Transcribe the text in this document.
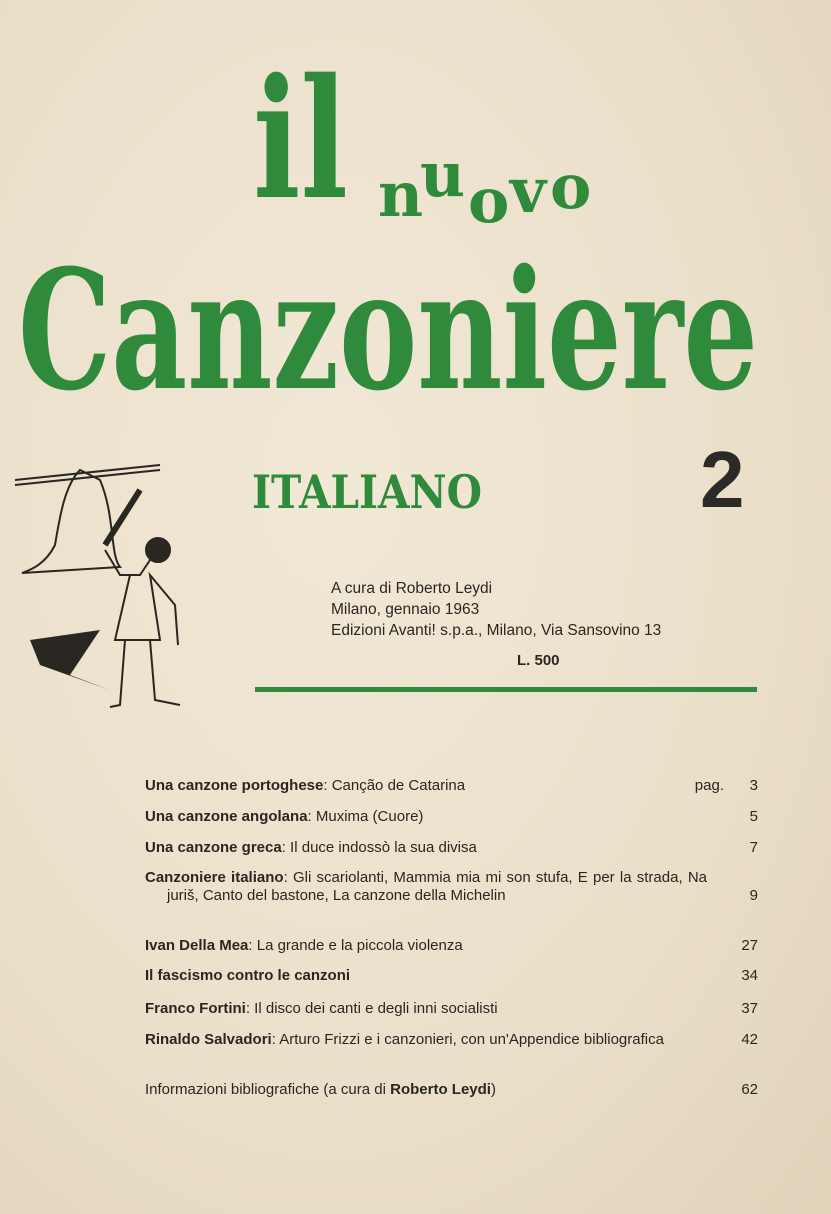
il n
u o v o
Canzoniere
ITALIANO	2
A cura di Roberto Leydi
Milano, gennaio 1963
Edizioni Avanti! s.p.a., Milano, Via Sansovino 13
L. 500
Una canzone portoghese: Canção de Catarina	pag. 3
Una canzone angolana: Muxima (Cuore)	5
Una canzone greca: Il duce indossò la sua divisa	7
Canzoniere italiano: Gli scariolanti, Mammia mia mi son stufa, E per la strada, Na juriš, Canto del bastone, La canzone della Michelin	9
Ivan Della Mea: La grande e la piccola violenza	27
Il fascismo contro le canzoni	34
Franco Fortini: Il disco dei canti e degli inni socialisti	37
Rinaldo Salvadori: Arturo Frizzi e i canzonieri, con un'Appendice bibliografica	42
Informazioni bibliografiche (a cura di Roberto Leydi)	62
